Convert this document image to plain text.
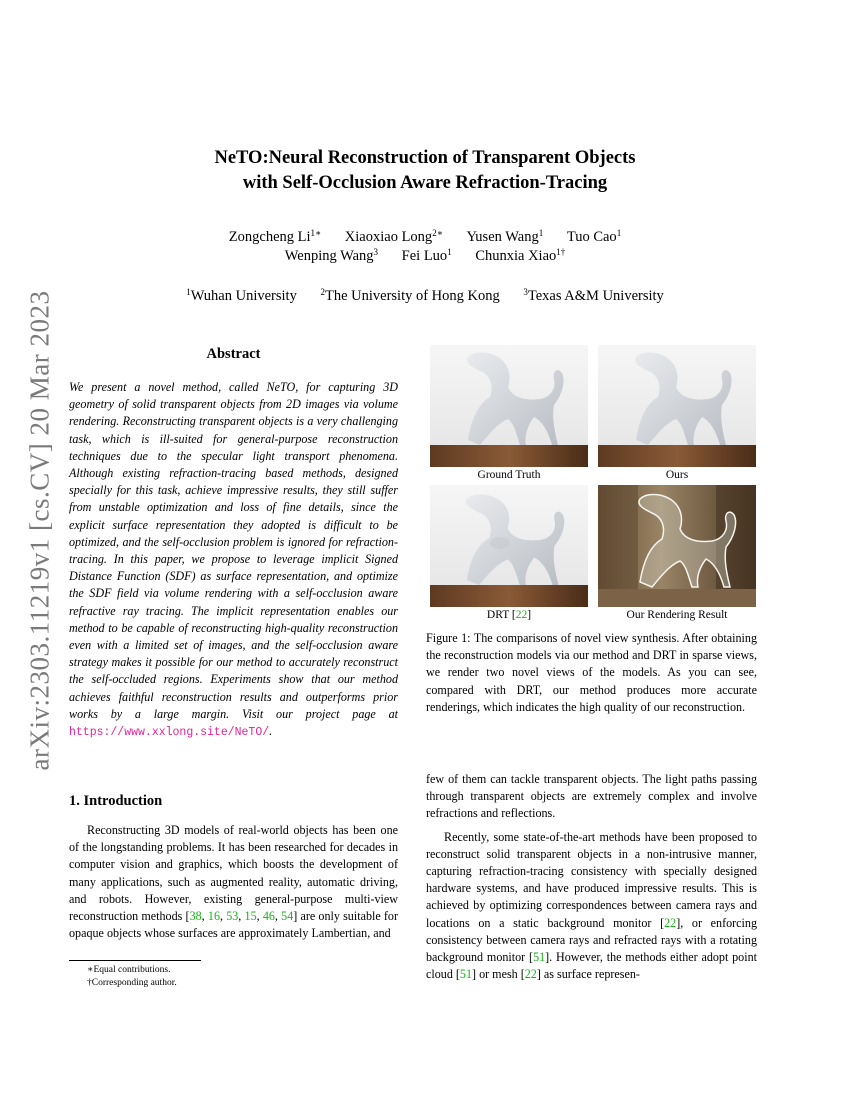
arXiv:2303.11219v1 [cs.CV] 20 Mar 2023
NeTO:Neural Reconstruction of Transparent Objects
with Self-Occlusion Aware Refraction-Tracing
Zongcheng $Li^{1∗}$ Xiaoxiao Long$^{2∗}$ Yusen Wang$^1$ Tuo Cao$^1$
Wenping Wang$^3$ Fei Luo$^1$ Chunxia Xiao$^{1\dagger}$
$^1$Wuhan University	$^2$The University of Hong Kong	$^3$Texas A&M University
Abstract
We present a novel method, called NeTO, for capturing 3D geometry of solid transparent objects from 2D images via volume rendering. Reconstructing transparent objects is a very challenging task, which is ill-suited for general-purpose reconstruction techniques due to the specular light transport phenomena. Although existing refraction-tracing based methods, designed specially for this task, achieve impressive results, they still suffer from unstable optimization and loss of fine details, since the explicit surface representation they adopted is difficult to be optimized, and the self-occlusion problem is ignored for refraction-tracing. In this paper, we propose to leverage implicit Signed Distance Function (SDF) as surface representation, and optimize the SDF field via volume rendering with a self-occlusion aware refractive ray tracing. The implicit representation enables our method to be capable of reconstructing high-quality reconstruction even with a limited set of images, and the self-occlusion aware strategy makes it possible for our method to accurately reconstruct the self-occluded regions. Experiments show that our method achieves faithful reconstruction results and outperforms prior works by a large margin. Visit our project page at https://www.xxlong.site/NeTO/.
1. Introduction
Reconstructing 3D models of real-world objects has been one of the longstanding problems. It has been researched for decades in computer vision and graphics, which boosts the development of many applications, such as augmented reality, automatic driving, and robots. However, existing general-purpose multi-view reconstruction methods [38, 16, 53, 15, 46, 54] are only suitable for opaque objects whose surfaces are approximately Lambertian, and
∗Equal contributions.
†Corresponding author.
Ground Truth	Ours
DRT [22]	Our Rendering Result
Figure 1: The comparisons of novel view synthesis. After obtaining the reconstruction models via our method and DRT in sparse views, we render two novel views of the models. As you can see, compared with DRT, our method produces more accurate renderings, which indicates the high quality of our reconstruction.

few of them can tackle transparent objects. The light paths passing through transparent objects are extremely complex and involve refractions and reflections.

Recently, some state-of-the-art methods have been proposed to reconstruct solid transparent objects in a non-intrusive manner, capturing refraction-tracing consistency with specially designed hardware systems, and have produced impressive results. This is achieved by optimizing correspondences between camera rays and locations on a static background monitor [22], or enforcing consistency between camera rays and refracted rays with a rotating background monitor [51]. However, the methods either adopt point cloud [51] or mesh [22] as surface represen-
